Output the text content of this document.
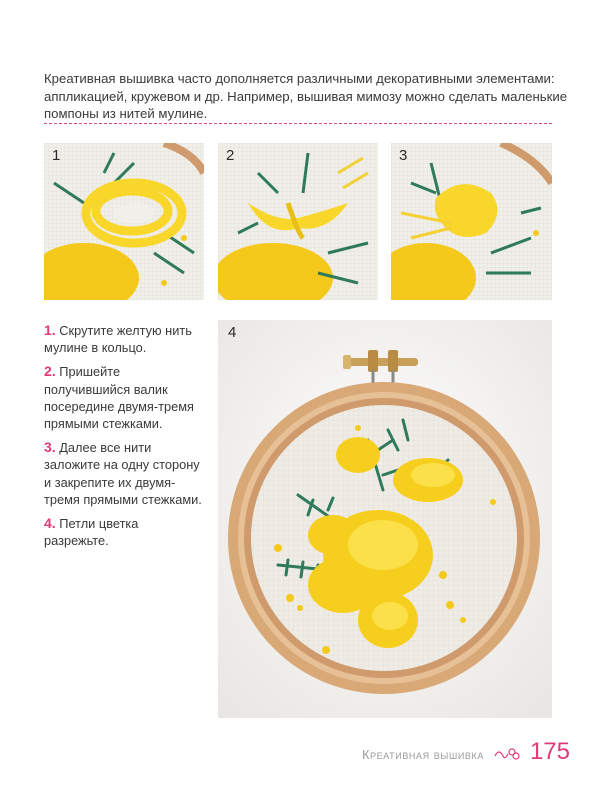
Креативная вышивка часто дополняется различными декоративными элементами: аппликацией, кружевом и др. Например, вышивая мимозу можно сделать маленькие помпоны из нитей мулине.
1	2	3
1. Скрутите желтую нить мулине в кольцо.
2. Пришейте получившийся валик посередине двумя-тремя прямыми стежками.
3. Далее все нити заложите на одну сторону и закрепите их двумя-тремя прямыми стежками.
4. Петли цветка разрежьте.
4
Креативная вышивка 175
